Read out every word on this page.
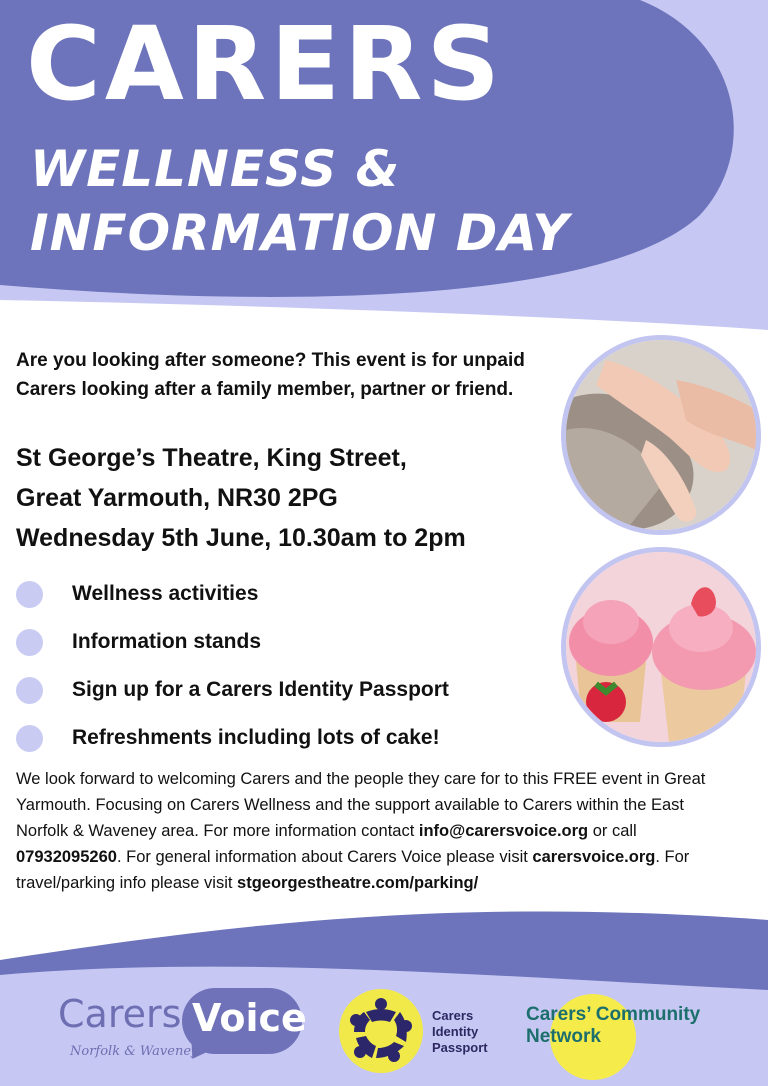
CARERS
WELLNESS &
INFORMATION DAY

Are you looking after someone? This event is for unpaid Carers looking after a family member, partner or friend.

St George’s Theatre, King Street,
Great Yarmouth, NR30 2PG
Wednesday 5th June, 10.30am to 2pm
Wellness activities
Information stands
Sign up for a Carers Identity Passport
Refreshments including lots of cake!

We look forward to welcoming Carers and the people they care for to this FREE event in Great Yarmouth. Focusing on Carers Wellness and the support available to Carers within the East Norfolk & Waveney area. For more information contact info@carersvoice.org or call 07932095260. For general information about Carers Voice please visit carersvoice.org. For travel/parking info please visit stgeorgestheatre.com/parking/

Carers Voice
Norfolk & Waveney
Carers
Identity
Passport
Carers’ Community
Network
